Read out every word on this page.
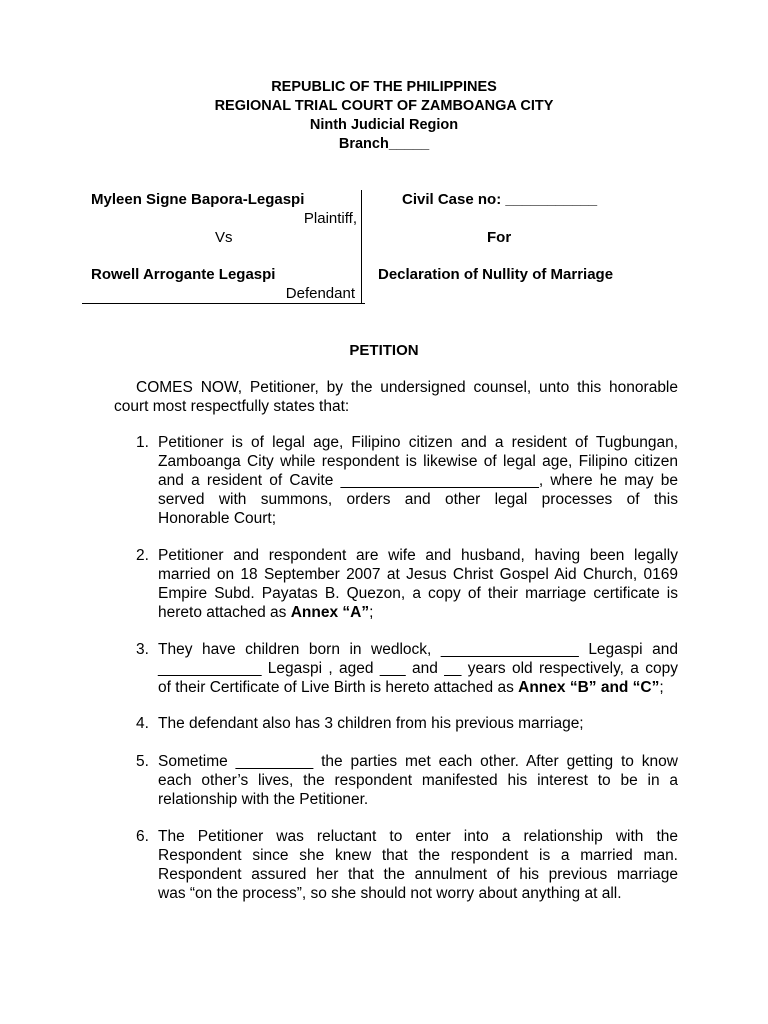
REPUBLIC OF THE PHILIPPINES
REGIONAL TRIAL COURT OF ZAMBOANGA CITY
Ninth Judicial Region
Branch_____
Myleen Signe Bapora-Legaspi
Plaintiff,
Vs
Rowell Arrogante Legaspi
Defendant
Civil Case no: ___________
For
Declaration of Nullity of Marriage
PETITION
COMES NOW, Petitioner, by the undersigned counsel, unto this honorable
court most respectfully states that:
1. Petitioner is of legal age, Filipino citizen and a resident of Tugbungan,
Zamboanga City while respondent is likewise of legal age, Filipino citizen
and a resident of Cavite _______________________, where he may be
served with summons, orders and other legal processes of this
Honorable Court;
2. Petitioner and respondent are wife and husband, having been legally
married on 18 September 2007 at Jesus Christ Gospel Aid Church, 0169
Empire Subd. Payatas B. Quezon, a copy of their marriage certificate is
hereto attached as Annex “A”;
3. They have children born in wedlock, ________________ Legaspi and
____________ Legaspi , aged ___ and __ years old respectively, a copy
of their Certificate of Live Birth is hereto attached as Annex “B” and “C”;
4. The defendant also has 3 children from his previous marriage;
5. Sometime _________ the parties met each other. After getting to know
each other’s lives, the respondent manifested his interest to be in a
relationship with the Petitioner.
6. The Petitioner was reluctant to enter into a relationship with the
Respondent since she knew that the respondent is a married man.
Respondent assured her that the annulment of his previous marriage
was “on the process”, so she should not worry about anything at all.
